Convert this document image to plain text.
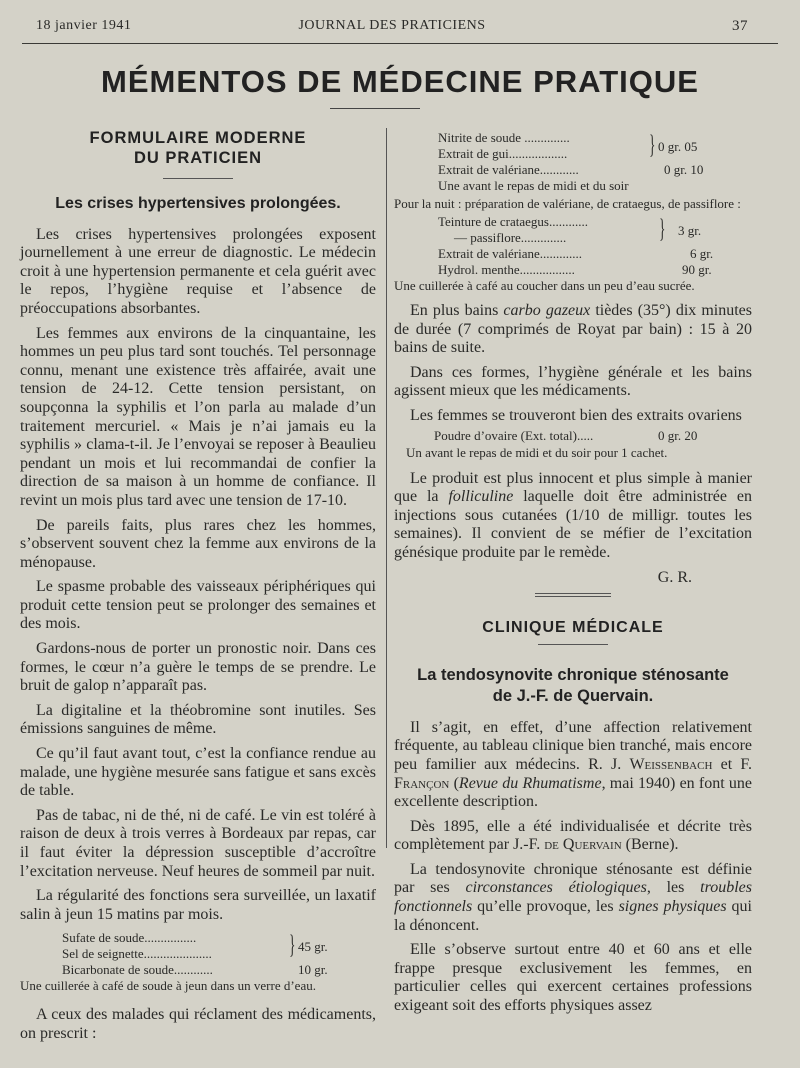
18 janvier 1941	JOURNAL DES PRATICIENS	37
MÉMENTOS DE MÉDECINE PRATIQUE
FORMULAIRE MODERNE
DU PRATICIEN
Les crises hypertensives prolongées.

Les crises hypertensives prolongées exposent journellement à une erreur de diagnostic. Le médecin croit à une hypertension permanente et cela guérit avec le repos, l’hygiène requise et l’absence de préoccupations absorbantes.

Les femmes aux environs de la cinquantaine, les hommes un peu plus tard sont touchés. Tel personnage connu, menant une existence très affairée, avait une tension de 24-12. Cette tension persistant, on soupçonna la syphilis et l’on parla au malade d’un traitement mercuriel. « Mais je n’ai jamais eu la syphilis » clama-t-il. Je l’envoyai se reposer à Beaulieu pendant un mois et lui recommandai de confier la direction de sa maison à un homme de confiance. Il revint un mois plus tard avec une tension de 17-10.

De pareils faits, plus rares chez les hommes, s’observent souvent chez la femme aux environs de la ménopause.

Le spasme probable des vaisseaux périphériques qui produit cette tension peut se prolonger des semaines et des mois.

Gardons-nous de porter un pronostic noir. Dans ces formes, le cœur n’a guère le temps de se prendre. Le bruit de galop n’apparaît pas.

La digitaline et la théobromine sont inutiles. Ses émissions sanguines de même.

Ce qu’il faut avant tout, c’est la confiance rendue au malade, une hygiène mesurée sans fatigue et sans excès de table.

Pas de tabac, ni de thé, ni de café. Le vin est toléré à raison de deux à trois verres à Bordeaux par repas, car il faut éviter la dépression susceptible d’accroître l’excitation nerveuse. Neuf heures de sommeil par nuit.

La régularité des fonctions sera surveillée, un laxatif salin à jeun 15 matins par mois.

Sufate de soude................
Sel de seignette.....................	} 45 gr.
Bicarbonate de soude............	10 gr.
Une cuillerée à café de soude à jeun dans un verre d’eau.

A ceux des malades qui réclament des médicaments, on prescrit :

Nitrite de soude ..............
Extrait de gui..................	} 0 gr. 05
Extrait de valériane............	0 gr. 10
Une avant le repas de midi et du soir
Pour la nuit : préparation de valériane, de crataegus, de passiflore :
Teinture de crataegus............
— passiflore..............	} 3 gr.
Extrait de valériane.............	6 gr.
Hydrol. menthe.................	90 gr.
Une cuillerée à café au coucher dans un peu d’eau sucrée.

En plus bains carbo gazeux tièdes (35°) dix minutes de durée (7 comprimés de Royat par bain) : 15 à 20 bains de suite.

Dans ces formes, l’hygiène générale et les bains agissent mieux que les médicaments.

Les femmes se trouveront bien des extraits ovariens

Poudre d’ovaire (Ext. total).....	0 gr. 20
Un avant le repas de midi et du soir pour 1 cachet.

Le produit est plus innocent et plus simple à manier que la folliculine laquelle doit être administrée en injections sous cutanées (1/10 de milligr. toutes les semaines). Il convient de se méfier de l’excitation génésique produite par le remède.

G. R.
CLINIQUE MÉDICALE
La tendosynovite chronique sténosante
de J.-F. de Quervain.

Il s’agit, en effet, d’une affection relativement fréquente, au tableau clinique bien tranché, mais encore peu familier aux médecins. R. J. Weissenbach et F. Françon (Revue du Rhumatisme, mai 1940) en font une excellente description.

Dès 1895, elle a été individualisée et décrite très complètement par J.-F. de Quervain (Berne).

La tendosynovite chronique sténosante est définie par ses circonstances étiologiques, les troubles fonctionnels qu’elle provoque, les signes physiques qui la dénoncent.

Elle s’observe surtout entre 40 et 60 ans et elle frappe presque exclusivement les femmes, en particulier celles qui exercent certaines professions exigeant soit des efforts physiques assez
